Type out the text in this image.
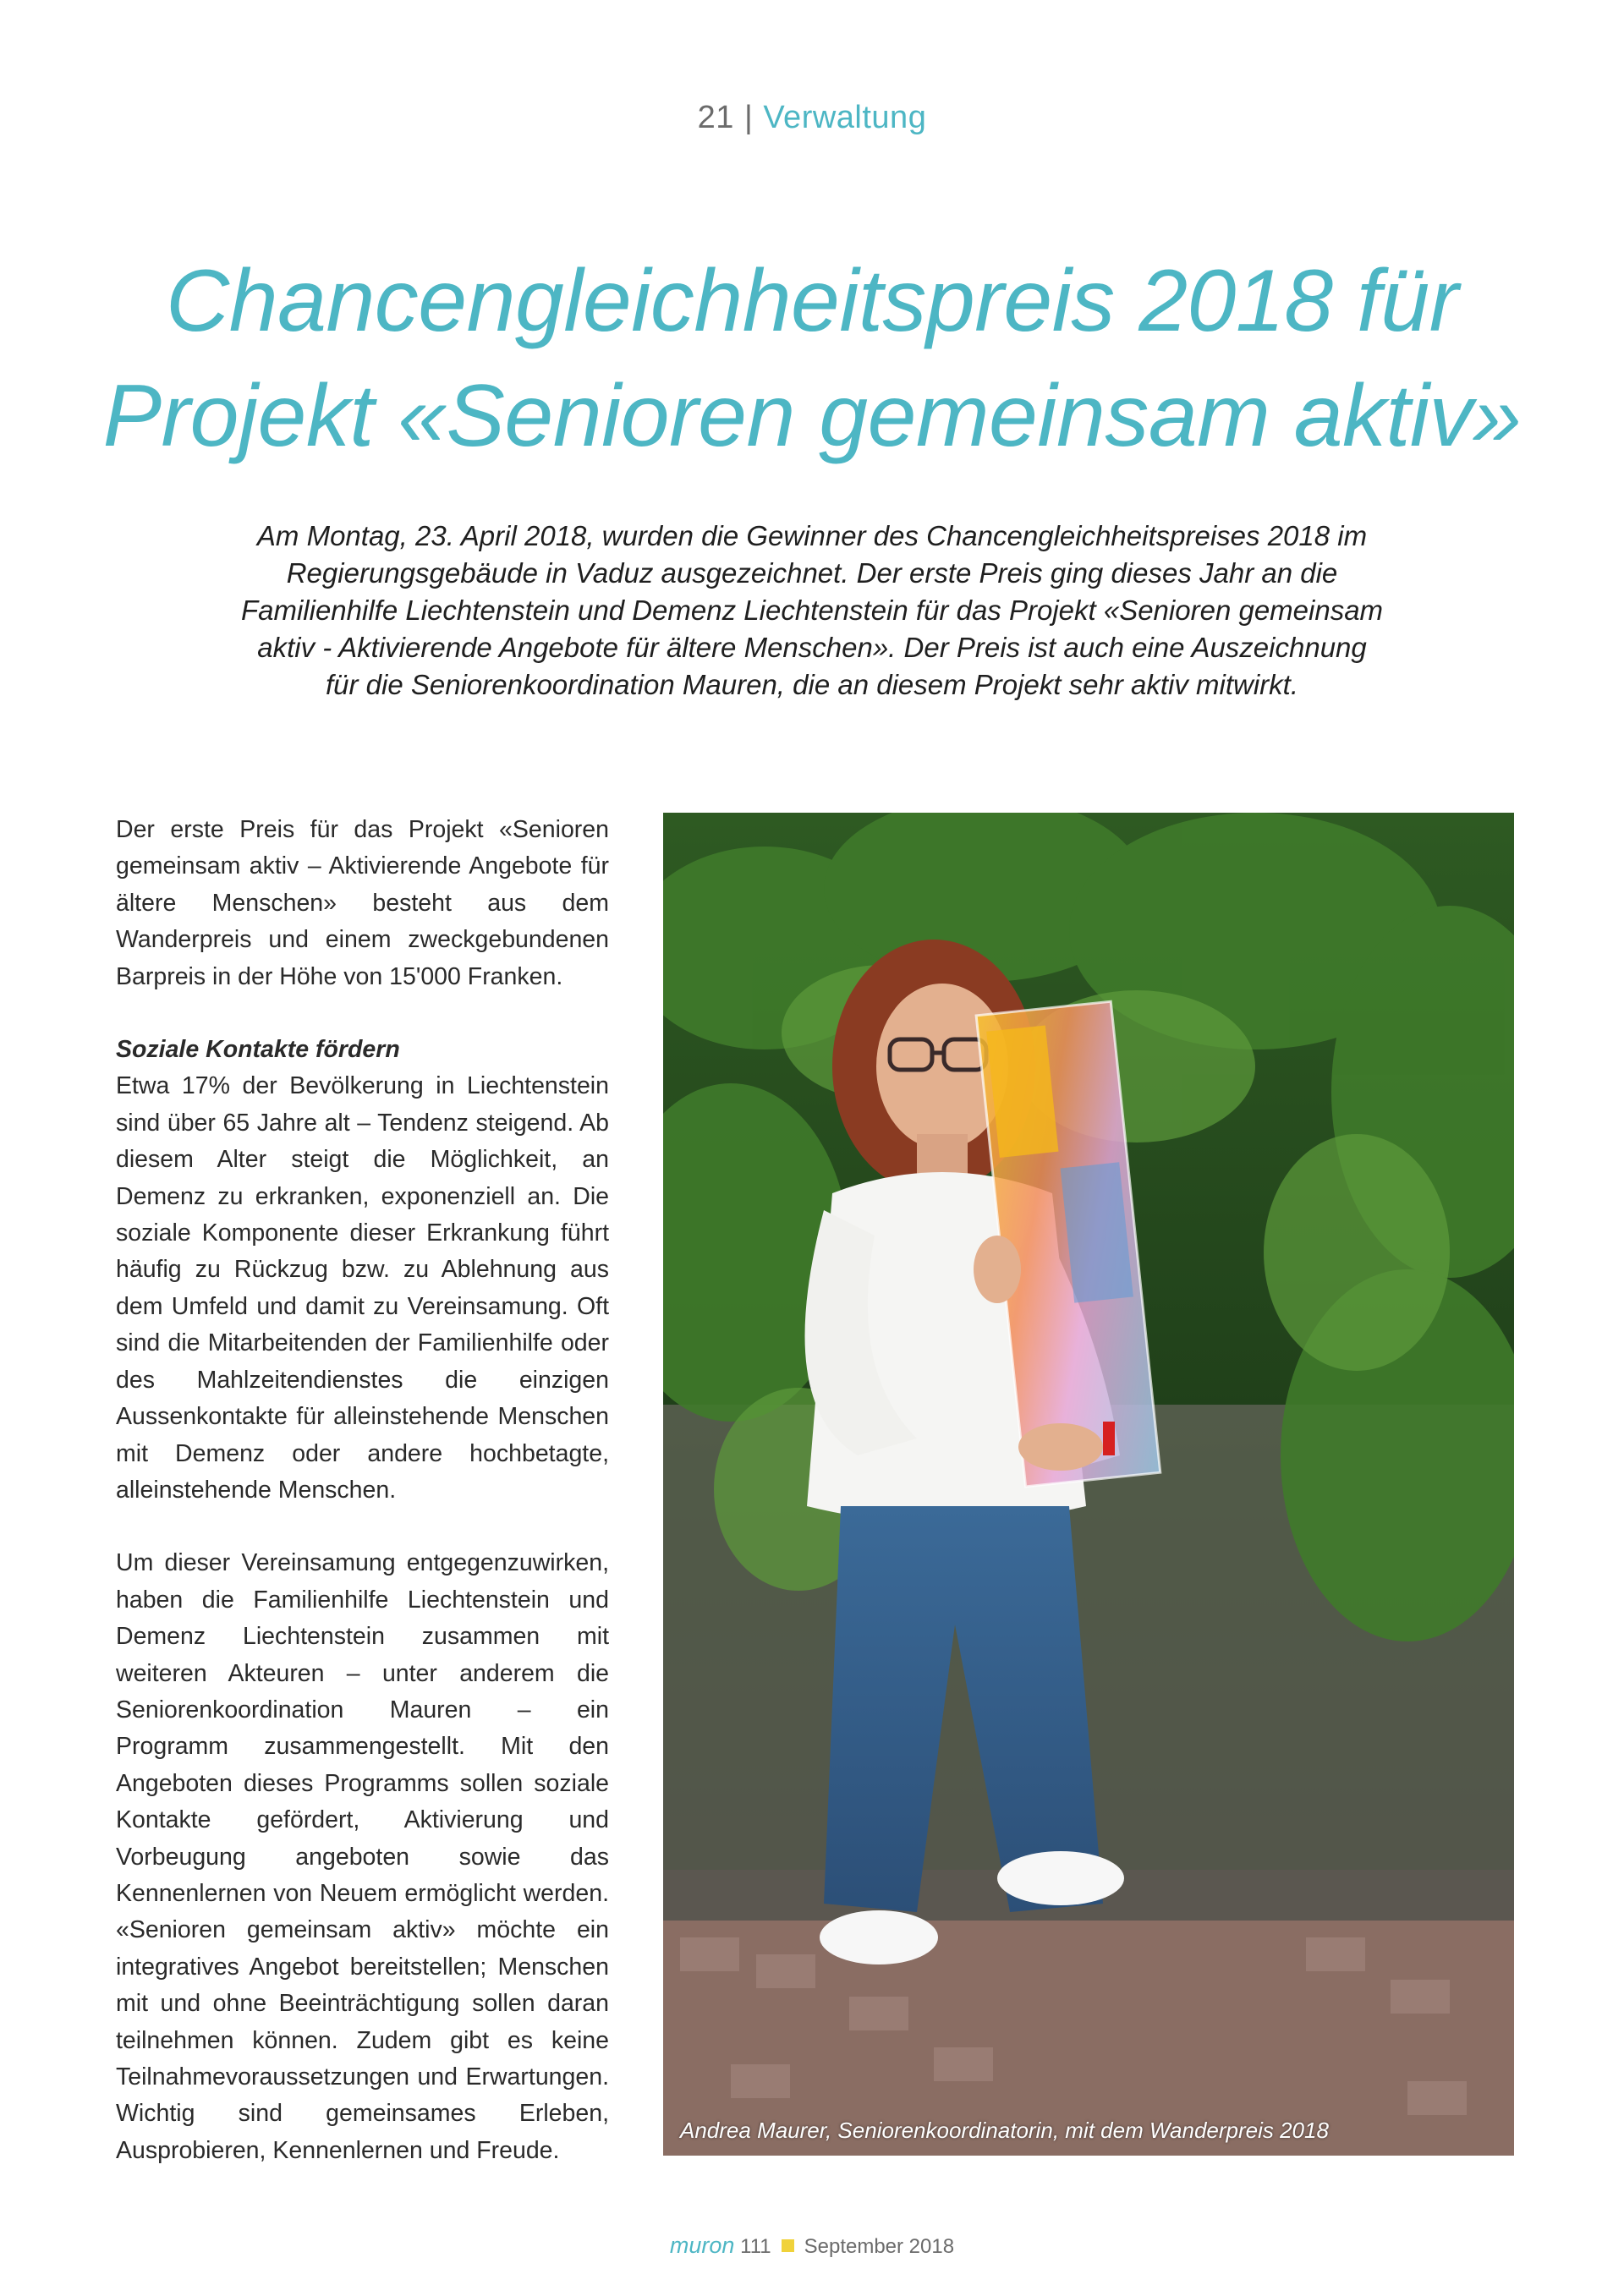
21 | Verwaltung
Chancengleichheitspreis 2018 für
Projekt «Senioren gemeinsam aktiv»

Am Montag, 23. April 2018, wurden die Gewinner des Chancengleichheitspreises 2018 im

Regierungsgebäude in Vaduz ausgezeichnet. Der erste Preis ging dieses Jahr an die

Familienhilfe Liechtenstein und Demenz Liechtenstein für das Projekt «Senioren gemeinsam

aktiv - Aktivierende Angebote für ältere Menschen». Der Preis ist auch eine Auszeichnung

für die Seniorenkoordination Mauren, die an diesem Projekt sehr aktiv mitwirkt.

Der erste Preis für das Projekt «Senioren gemeinsam aktiv – Aktivierende Angebote für ältere Menschen» besteht aus dem Wanderpreis und einem zweckgebundenen Barpreis in der Höhe von 15'000 Franken.

Soziale Kontakte fördern

Etwa 17% der Bevölkerung in Liechtenstein sind über 65 Jahre alt – Tendenz steigend. Ab diesem Alter steigt die Möglichkeit, an Demenz zu erkranken, exponenziell an. Die soziale Komponente dieser Erkrankung führt häufig zu Rückzug bzw. zu Ablehnung aus dem Umfeld und damit zu Vereinsamung. Oft sind die Mitarbeitenden der Familienhilfe oder des Mahlzeitendienstes die einzigen Aussenkontakte für alleinstehende Menschen mit Demenz oder andere hochbetagte, alleinstehende Menschen.

Um dieser Vereinsamung entgegenzuwirken, haben die Familienhilfe Liechtenstein und Demenz Liechtenstein zusammen mit weiteren Akteuren – unter anderem die Seniorenkoordination Mauren – ein Programm zusammengestellt. Mit den Angeboten dieses Programms sollen soziale Kontakte gefördert, Aktivierung und Vorbeugung angeboten sowie das Kennenlernen von Neuem ermöglicht werden. «Senioren gemeinsam aktiv» möchte ein integratives Angebot bereitstellen; Menschen mit und ohne Beeinträchtigung sollen daran teilnehmen können. Zudem gibt es keine Teilnahmevoraussetzungen und Erwartungen. Wichtig sind gemeinsames Erleben, Ausprobieren, Kennenlernen und Freude.

Andrea Maurer, Seniorenkoordinatorin, mit dem Wanderpreis 2018
muron 111 September 2018
